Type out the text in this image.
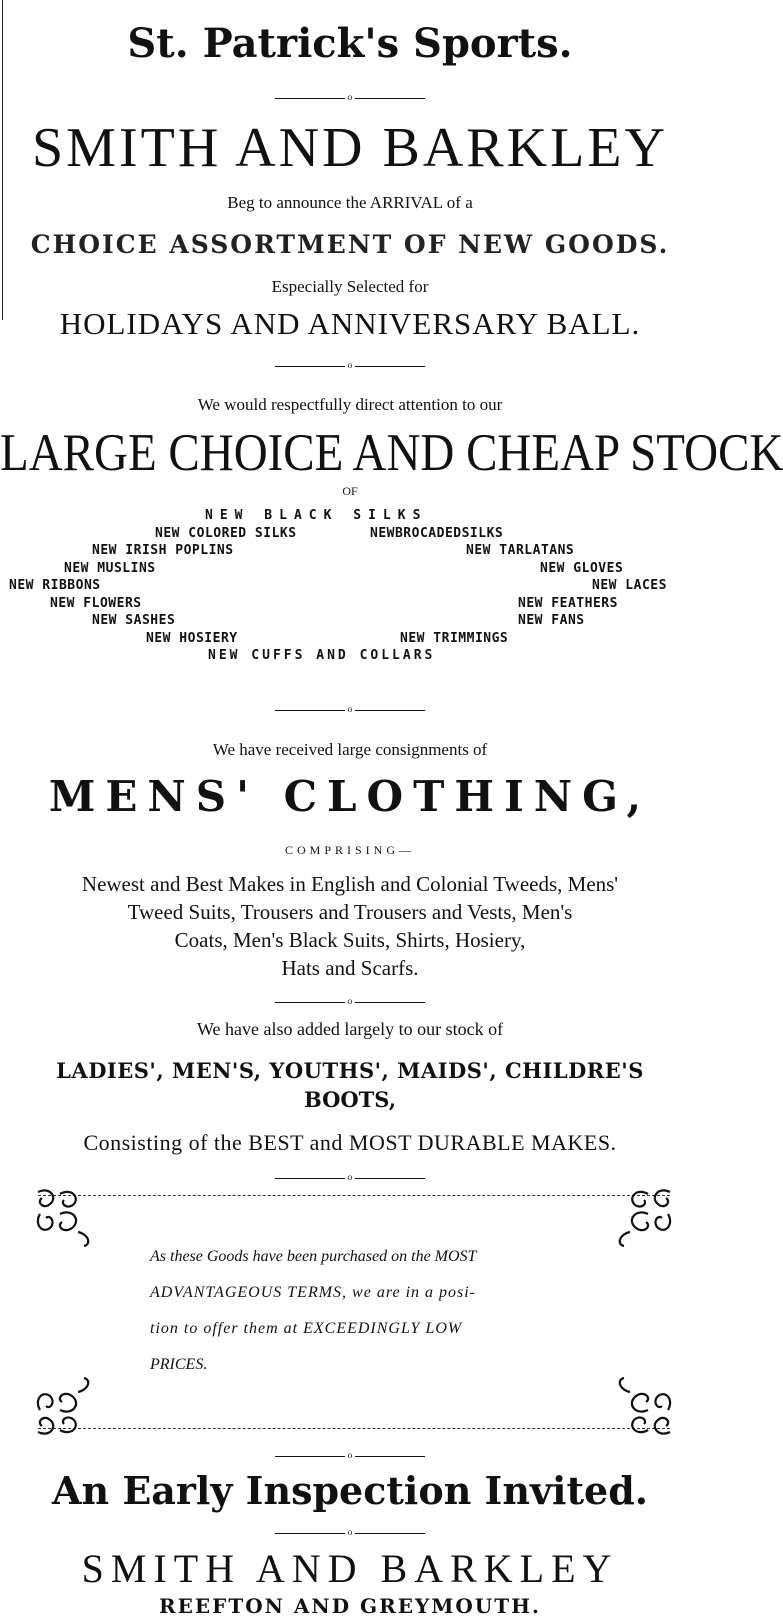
St. Patrick's Sports.
o
SMITH AND BARKLEY
Beg to announce the ARRIVAL of a
CHOICE ASSORTMENT OF NEW GOODS.
Especially Selected for
HOLIDAYS AND ANNIVERSARY BALL.
o
We would respectfully direct attention to our
LARGE CHOICE AND CHEAP STOCK
OF
NEW BLACK SILKS
NEW COLORED SILKS	NEWBROCADEDSILKS
NEW IRISH POPLINS	NEW TARLATANS
NEW MUSLINS	NEW GLOVES
NEW RIBBONS	NEW LACES
NEW FLOWERS	NEW FEATHERS
NEW SASHES	NEW FANS
NEW HOSIERY	NEW TRIMMINGS
NEW CUFFS AND COLLARS
o
We have received large consignments of
MENS' CLOTHING,
COMPRISING—
Newest and Best Makes in English and Colonial Tweeds, Mens'
Tweed Suits, Trousers and Trousers and Vests, Men's
Coats, Men's Black Suits, Shirts, Hosiery,
Hats and Scarfs.
o
We have also added largely to our stock of
LADIES', MEN'S, YOUTHS', MAIDS', CHILDRE'S
BOOTS,
Consisting of the BEST and MOST DURABLE MAKES.
o
As these Goods have been purchased on the MOST
ADVANTAGEOUS TERMS, we are in a posi-
tion to offer them at EXCEEDINGLY LOW
PRICES.
o
An Early Inspection Invited.
o
SMITH AND BARKLEY
REEFTON AND GREYMOUTH.
